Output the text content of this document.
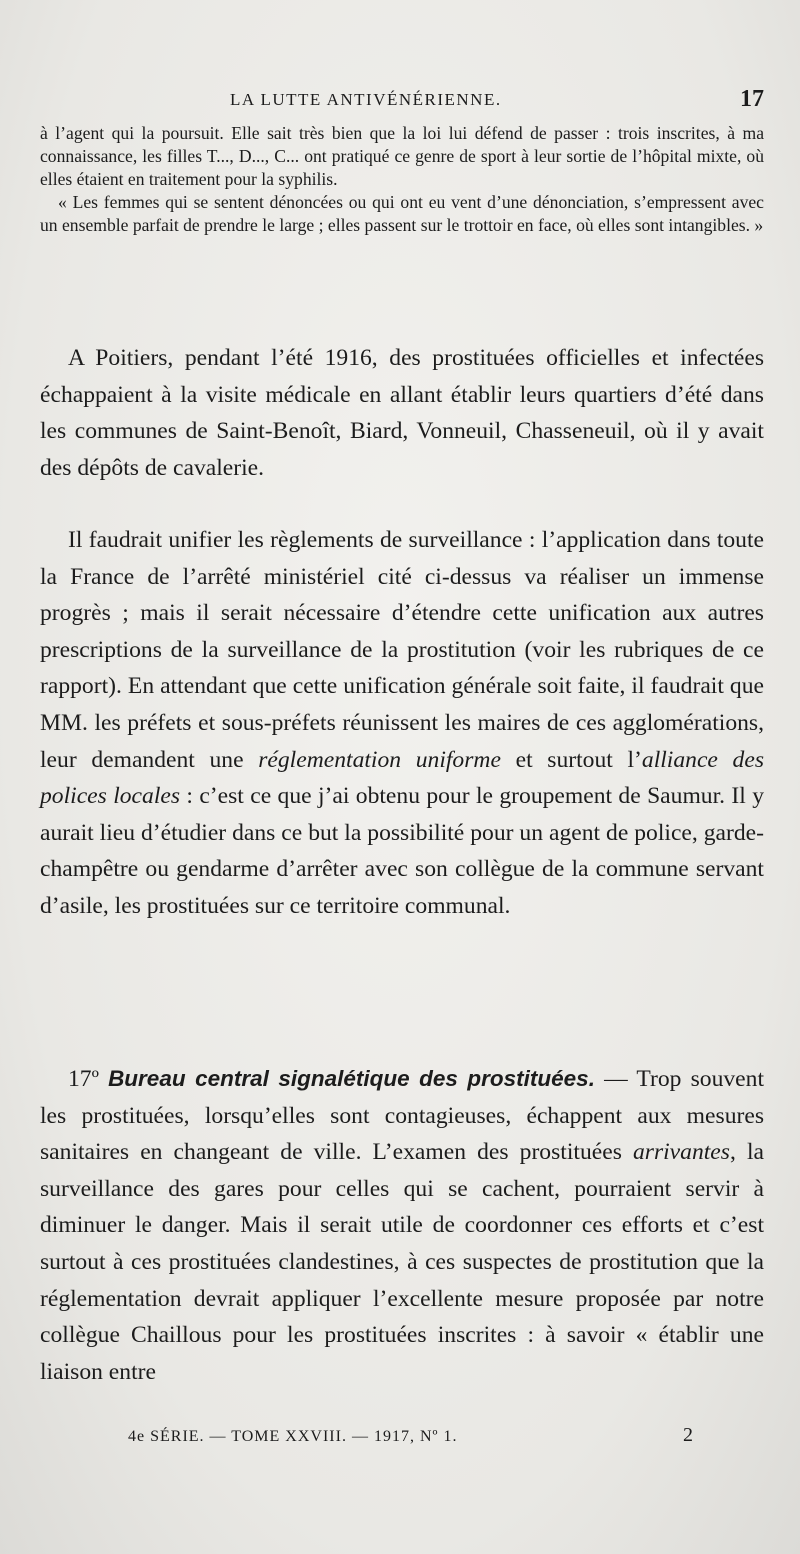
LA LUTTE ANTIVÉNÉRIENNE.	17

à l’agent qui la poursuit. Elle sait très bien que la loi lui défend de passer : trois inscrites, à ma connaissance, les filles T..., D..., C... ont pratiqué ce genre de sport à leur sortie de l’hôpital mixte, où elles étaient en traitement pour la syphilis.

« Les femmes qui se sentent dénoncées ou qui ont eu vent d’une dénonciation, s’empressent avec un ensemble parfait de prendre le large ; elles passent sur le trottoir en face, où elles sont intangibles. »

A Poitiers, pendant l’été 1916, des prostituées officielles et infectées échappaient à la visite médicale en allant établir leurs quartiers d’été dans les communes de Saint-Benoît, Biard, Vonneuil, Chasseneuil, où il y avait des dépôts de cavalerie.

Il faudrait unifier les règlements de surveillance : l’application dans toute la France de l’arrêté ministériel cité ci-dessus va réaliser un immense progrès ; mais il serait nécessaire d’étendre cette unification aux autres prescriptions de la surveillance de la prostitution (voir les rubriques de ce rapport). En attendant que cette unification générale soit faite, il faudrait que MM. les préfets et sous-préfets réunissent les maires de ces agglomérations, leur demandent une réglementation uniforme et surtout l’alliance des polices locales : c’est ce que j’ai obtenu pour le groupement de Saumur. Il y aurait lieu d’étudier dans ce but la possibilité pour un agent de police, garde-champêtre ou gendarme d’arrêter avec son collègue de la commune servant d’asile, les prostituées sur ce territoire communal.

17º Bureau central signalétique des prostituées. — Trop souvent les prostituées, lorsqu’elles sont contagieuses, échappent aux mesures sanitaires en changeant de ville. L’examen des prostituées arrivantes, la surveillance des gares pour celles qui se cachent, pourraient servir à diminuer le danger. Mais il serait utile de coordonner ces efforts et c’est surtout à ces prostituées clandestines, à ces suspectes de prostitution que la réglementation devrait appliquer l’excellente mesure proposée par notre collègue Chaillous pour les prostituées inscrites : à savoir « établir une liaison entre

4e SÉRIE. — TOME XXVIII. — 1917, Nº 1.	2
